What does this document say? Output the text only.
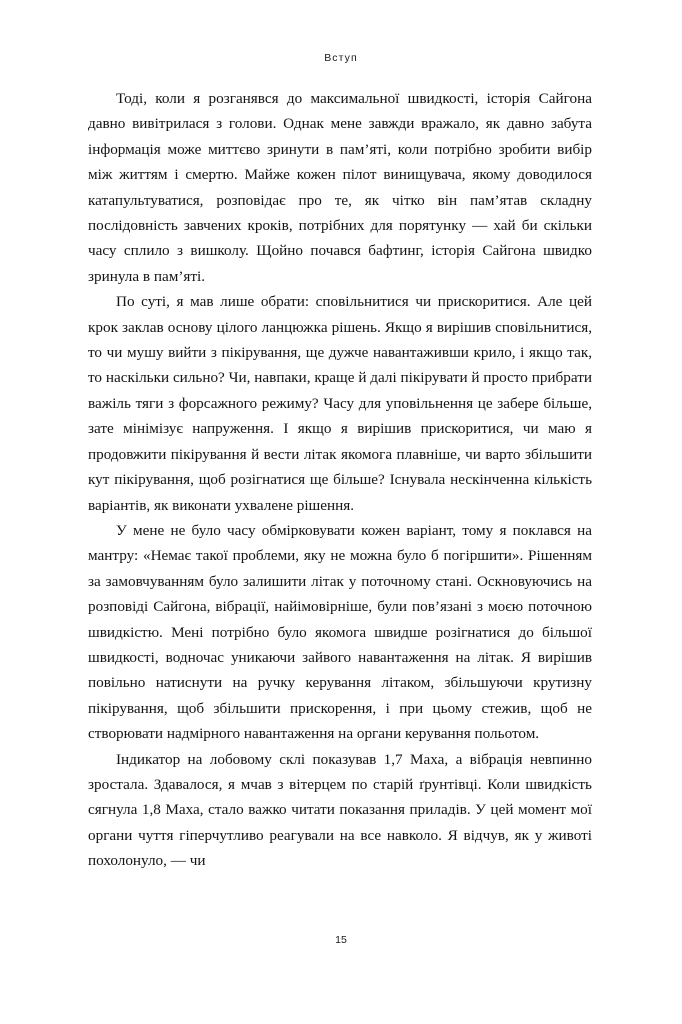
Вступ

Тоді, коли я розганявся до максимальної швидкості, історія Сайгона давно вивітрилася з голови. Однак мене завжди вражало, як давно забута інформація може миттєво зринути в пам’яті, коли потрібно зробити вибір між життям і смертю. Майже кожен пілот винищувача, якому доводилося катапультуватися, розповідає про те, як чітко він пам’ятав складну послідовність завчених кроків, потрібних для порятунку — хай би скільки часу сплило з вишколу. Щойно почався бафтинг, історія Сайгона швидко зринула в пам’яті.

По суті, я мав лише обрати: сповільнитися чи прискоритися. Але цей крок заклав основу цілого ланцюжка рішень. Якщо я вирішив сповільнитися, то чи мушу вийти з пікірування, ще дужче навантаживши крило, і якщо так, то наскільки сильно? Чи, навпаки, краще й далі пікірувати й просто прибрати важіль тяги з форсажного режиму? Часу для уповільнення це забере більше, зате мінімізує напруження. І якщо я вирішив прискоритися, чи маю я продовжити пікірування й вести літак якомога плавніше, чи варто збільшити кут пікірування, щоб розігнатися ще більше? Існувала нескінченна кількість варіантів, як виконати ухвалене рішення.

У мене не було часу обмірковувати кожен варіант, тому я поклався на мантру: «Немає такої проблеми, яку не можна було б погіршити». Рішенням за замовчуванням було залишити літак у поточному стані. Оскновуючись на розповіді Сайгона, вібрації, найімовірніше, були пов’язані з моєю поточною швидкістю. Мені потрібно було якомога швидше розігнатися до більшої швидкості, водночас уникаючи зайвого навантаження на літак. Я вирішив повільно натиснути на ручку керування літаком, збільшуючи крутизну пікірування, щоб збільшити прискорення, і при цьому стежив, щоб не створювати надмірного навантаження на органи керування польотом.

Індикатор на лобовому склі показував 1,7 Маха, а вібрація невпинно зростала. Здавалося, я мчав з вітерцем по старій ґрунтівці. Коли швидкість сягнула 1,8 Маха, стало важко читати показання приладів. У цей момент мої органи чуття гіперчутливо реагували на все навколо. Я відчув, як у животі похолонуло, — чи

15
